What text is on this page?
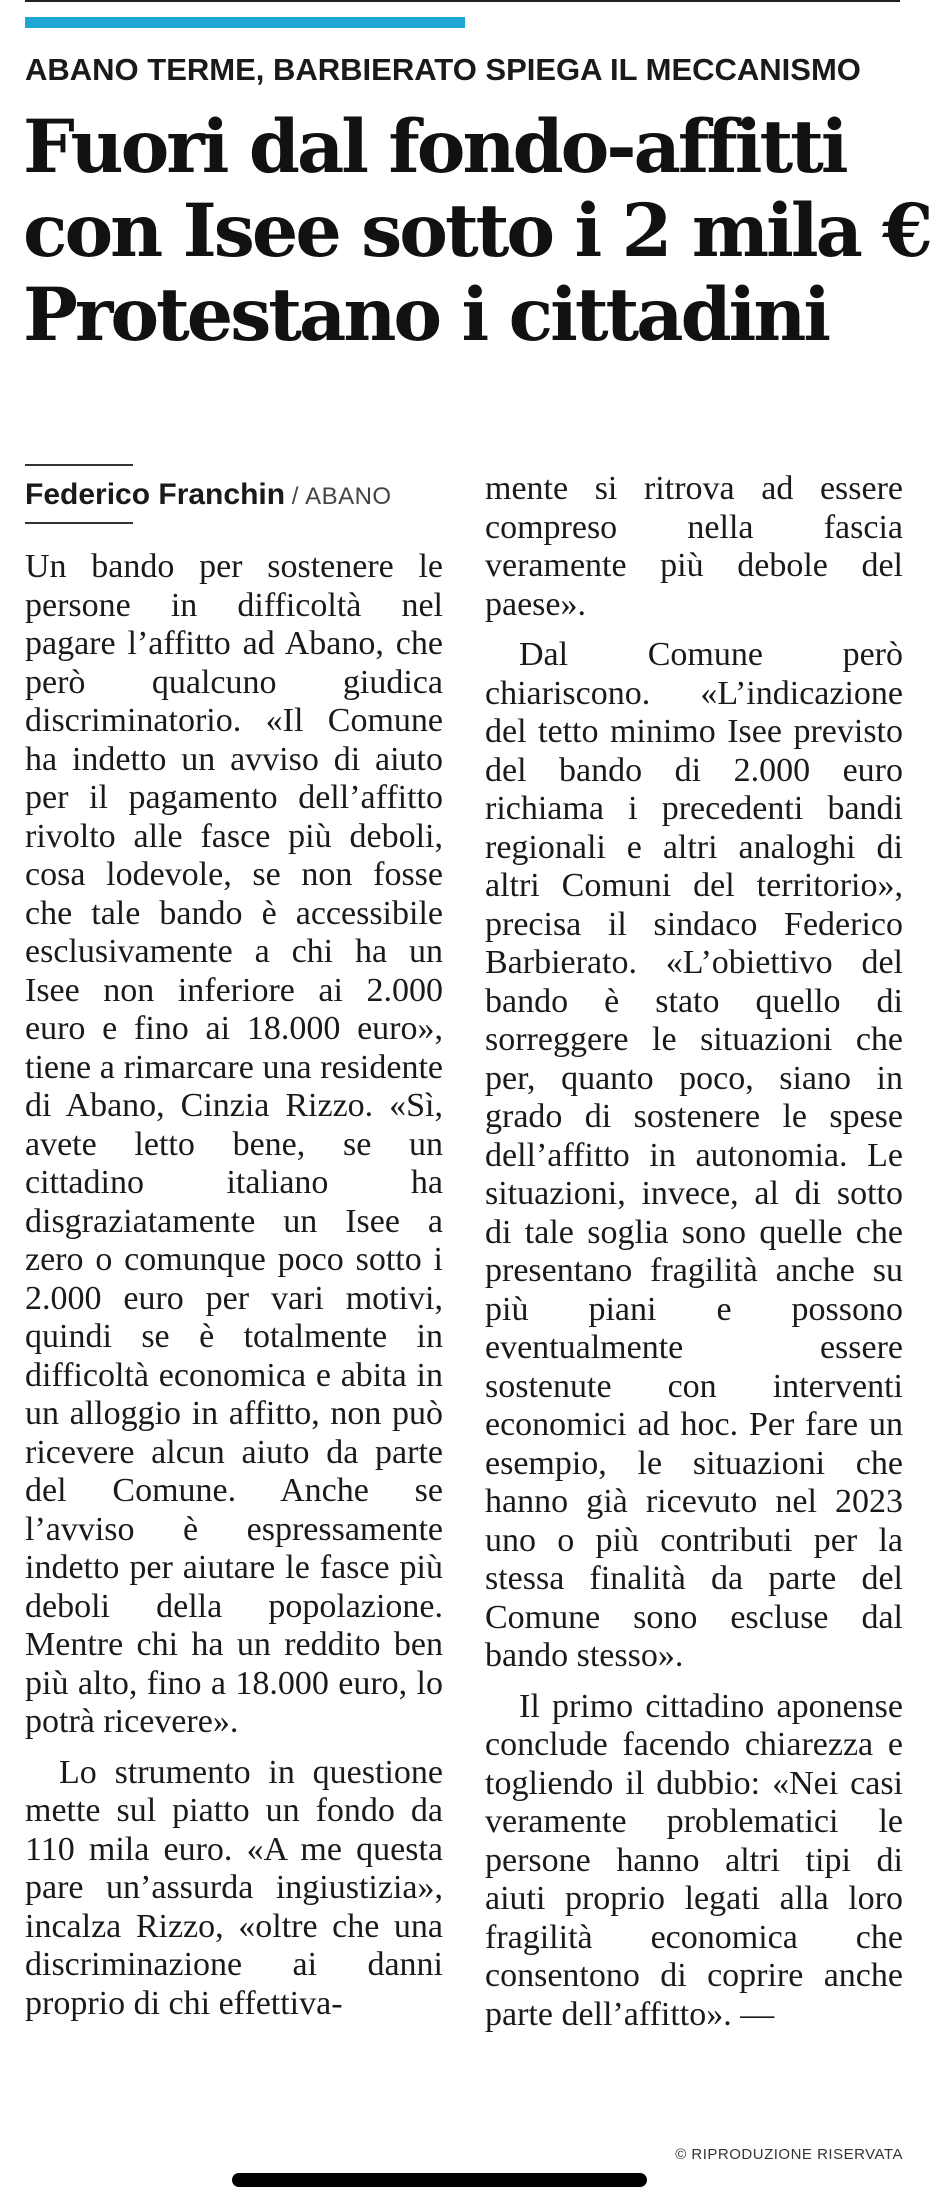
ABANO TERME, BARBIERATO SPIEGA IL MECCANISMO
Fuori dal fondo-affitti
con Isee sotto i 2 mila €
Protestano i cittadini
Federico Franchin / ABANO

Un bando per sostenere le persone in difficoltà nel pagare l’affitto ad Abano, che però qualcuno giudica discriminatorio. «Il Comune ha indetto un avviso di aiuto per il pagamento dell’affitto rivolto alle fasce più deboli, cosa lodevole, se non fosse che tale bando è accessibile esclusivamente a chi ha un Isee non inferiore ai 2.000 euro e fino ai 18.000 euro», tiene a rimarcare una residente di Abano, Cinzia Rizzo. «Sì, avete letto bene, se un cittadino italiano ha disgraziatamente un Isee a zero o comunque poco sotto i 2.000 euro per vari motivi, quindi se è totalmente in difficoltà economica e abita in un alloggio in affitto, non può ricevere alcun aiuto da parte del Comune. Anche se l’avviso è espressamente indetto per aiutare le fasce più deboli della popolazione. Mentre chi ha un reddito ben più alto, fino a 18.000 euro, lo potrà ricevere».

Lo strumento in questione mette sul piatto un fondo da 110 mila euro. «A me questa pare un’assurda ingiustizia», incalza Rizzo, «oltre che una discriminazione ai danni proprio di chi effettiva-

mente si ritrova ad essere compreso nella fascia veramente più debole del paese».

Dal Comune però chiariscono. «L’indicazione del tetto minimo Isee previsto del bando di 2.000 euro richiama i precedenti bandi regionali e altri analoghi di altri Comuni del territorio», precisa il sindaco Federico Barbierato. «L’obiettivo del bando è stato quello di sorreggere le situazioni che per, quanto poco, siano in grado di sostenere le spese dell’affitto in autonomia. Le situazioni, invece, al di sotto di tale soglia sono quelle che presentano fragilità anche su più piani e possono eventualmente essere sostenute con interventi economici ad hoc. Per fare un esempio, le situazioni che hanno già ricevuto nel 2023 uno o più contributi per la stessa finalità da parte del Comune sono escluse dal bando stesso».

Il primo cittadino aponense conclude facendo chiarezza e togliendo il dubbio: «Nei casi veramente problematici le persone hanno altri tipi di aiuti proprio legati alla loro fragilità economica che consentono di coprire anche parte dell’affitto». —

© RIPRODUZIONE RISERVATA
